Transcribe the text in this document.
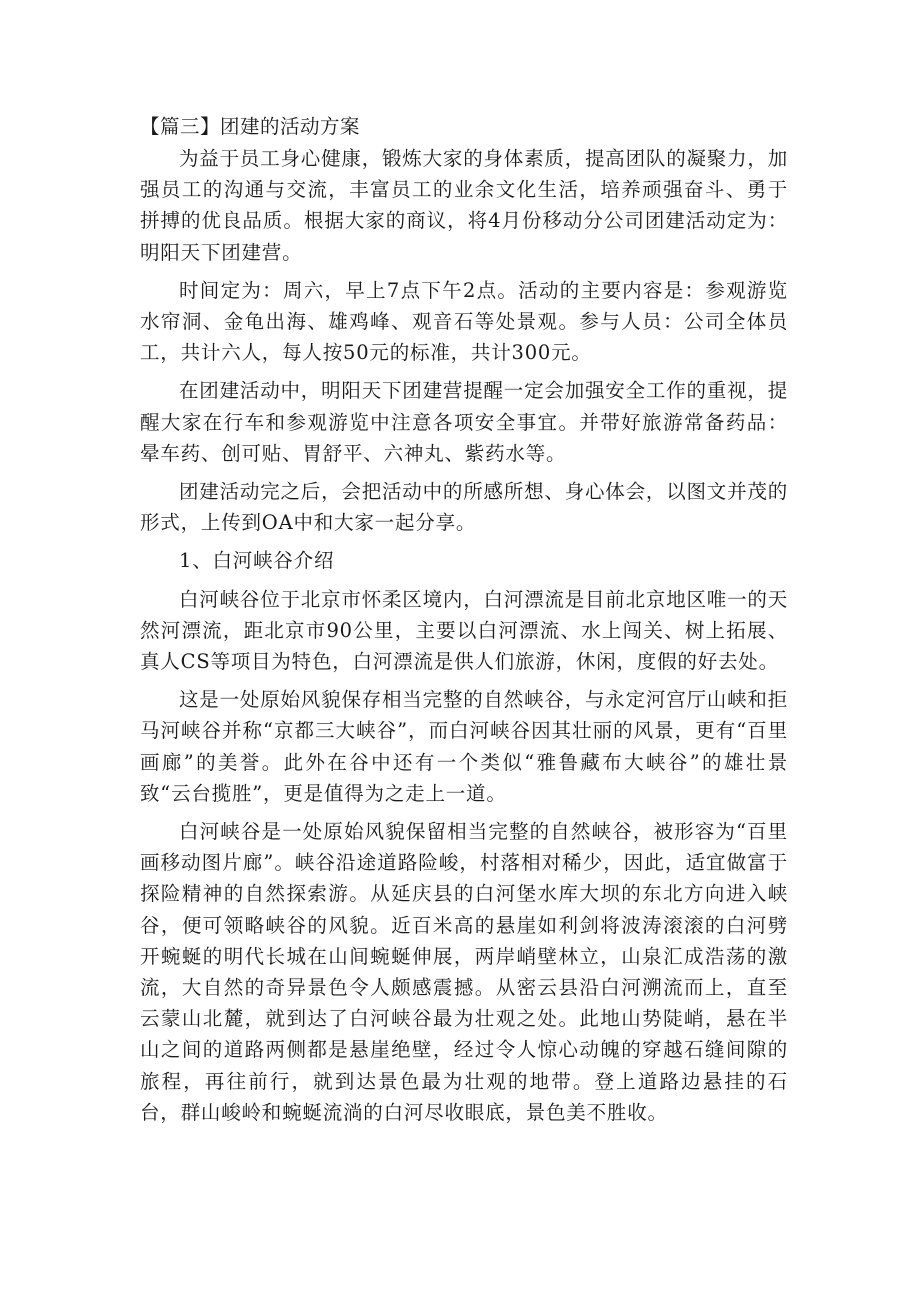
【篇三】团建的活动方案

为益于员工身心健康，锻炼大家的身体素质，提高团队的凝聚力，加强员工的沟通与交流，丰富员工的业余文化生活，培养顽强奋斗、勇于拼搏的优良品质。根据大家的商议，将4月份移动分公司团建活动定为：明阳天下团建营。

时间定为：周六，早上7点下午2点。活动的主要内容是：参观游览水帘洞、金龟出海、雄鸡峰、观音石等处景观。参与人员：公司全体员工，共计六人，每人按50元的标准，共计300元。

在团建活动中，明阳天下团建营提醒一定会加强安全工作的重视，提醒大家在行车和参观游览中注意各项安全事宜。并带好旅游常备药品：晕车药、创可贴、胃舒平、六神丸、紫药水等。

团建活动完之后，会把活动中的所感所想、身心体会，以图文并茂的形式，上传到OA中和大家一起分享。

1、白河峡谷介绍

白河峡谷位于北京市怀柔区境内，白河漂流是目前北京地区唯一的天然河漂流，距北京市90公里，主要以白河漂流、水上闯关、树上拓展、真人CS等项目为特色，白河漂流是供人们旅游，休闲，度假的好去处。

这是一处原始风貌保存相当完整的自然峡谷，与永定河宫厅山峡和拒马河峡谷并称“京都三大峡谷”，而白河峡谷因其壮丽的风景，更有“百里画廊”的美誉。此外在谷中还有一个类似“雅鲁藏布大峡谷”的雄壮景致“云台揽胜”，更是值得为之走上一道。

白河峡谷是一处原始风貌保留相当完整的自然峡谷，被形容为“百里画移动图片廊”。峡谷沿途道路险峻，村落相对稀少，因此，适宜做富于探险精神的自然探索游。从延庆县的白河堡水库大坝的东北方向进入峡谷，便可领略峡谷的风貌。近百米高的悬崖如利剑将波涛滚滚的白河劈开蜿蜒的明代长城在山间蜿蜒伸展，两岸峭壁林立，山泉汇成浩荡的激流，大自然的奇异景色令人颇感震撼。从密云县沿白河溯流而上，直至云蒙山北麓，就到达了白河峡谷最为壮观之处。此地山势陡峭，悬在半山之间的道路两侧都是悬崖绝壁，经过令人惊心动魄的穿越石缝间隙的旅程，再往前行，就到达景色最为壮观的地带。登上道路边悬挂的石台，群山峻岭和蜿蜒流淌的白河尽收眼底，景色美不胜收。
